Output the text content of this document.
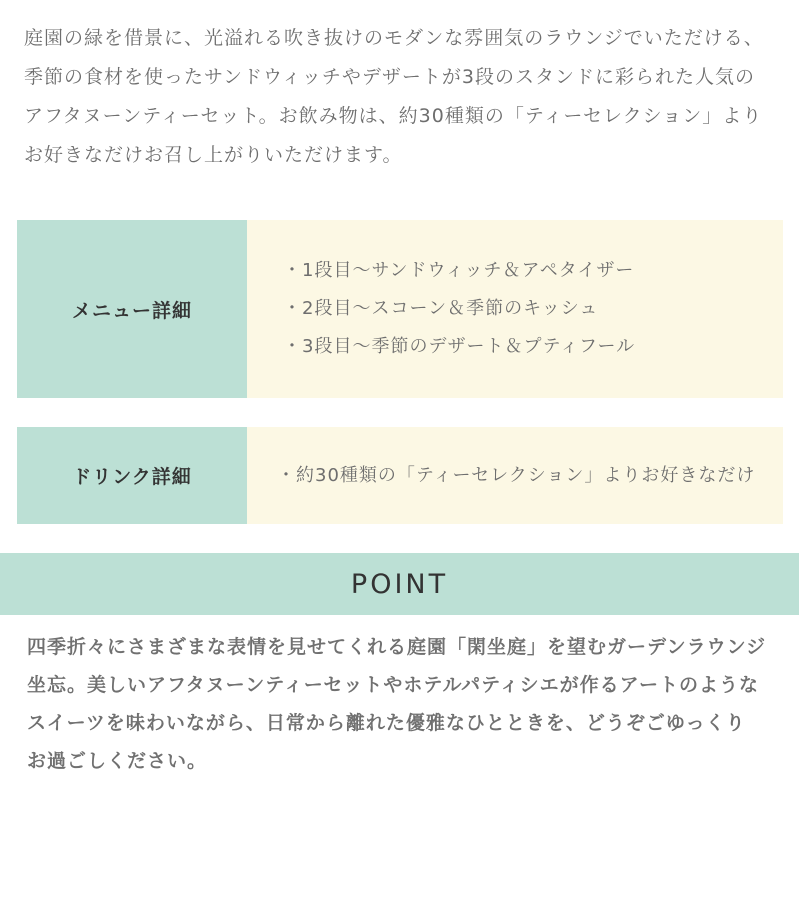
庭園の緑を借景に、光溢れる吹き抜けのモダンな雰囲気のラウンジでいただける、

季節の食材を使ったサンドウィッチやデザートが3段のスタンドに彩られた人気の

アフタヌーンティーセット。お飲み物は、約30種類の「ティーセレクション」より

お好きなだけお召し上がりいただけます。

メニュー詳細
・1段目～サンドウィッチ＆アペタイザー
・2段目～スコーン＆季節のキッシュ
・3段目～季節のデザート＆プティフール
ドリンク詳細	・約30種類の「ティーセレクション」よりお好きなだけ
POINT

四季折々にさまざまな表情を見せてくれる庭園「閑坐庭」を望むガーデンラウンジ

坐忘。美しいアフタヌーンティーセットやホテルパティシエが作るアートのような

スイーツを味わいながら、日常から離れた優雅なひとときを、どうぞごゆっくり

お過ごしください。
